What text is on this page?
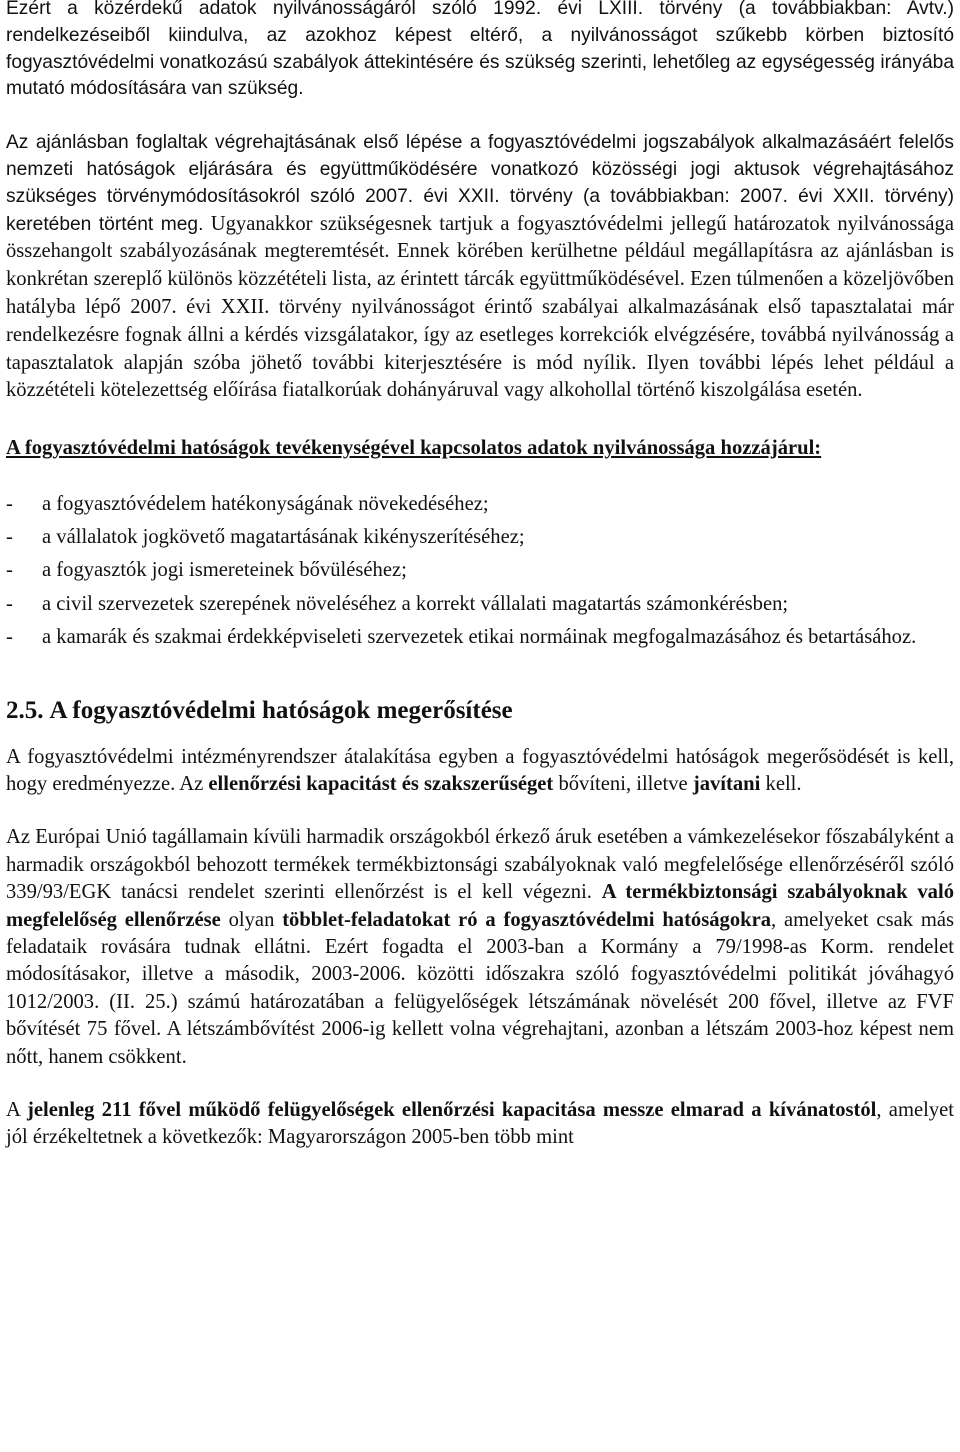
Ezért a közérdekű adatok nyilvánosságáról szóló 1992. évi LXIII. törvény (a továbbiakban: Avtv.) rendelkezéseiből kiindulva, az azokhoz képest eltérő, a nyilvánosságot szűkebb körben biztosító fogyasztóvédelmi vonatkozású szabályok áttekintésére és szükség szerinti, lehetőleg az egységesség irányába mutató módosítására van szükség.

Az ajánlásban foglaltak végrehajtásának első lépése a fogyasztóvédelmi jogszabályok alkalmazásáért felelős nemzeti hatóságok eljárására és együttműködésére vonatkozó közösségi jogi aktusok végrehajtásához szükséges törvénymódosításokról szóló 2007. évi XXII. törvény (a továbbiakban: 2007. évi XXII. törvény) keretében történt meg. Ugyanakkor szükségesnek tartjuk a fogyasztóvédelmi jellegű határozatok nyilvánossága összehangolt szabályozásának megteremtését. Ennek körében kerülhetne például megállapításra az ajánlásban is konkrétan szereplő különös közzétételi lista, az érintett tárcák együttműködésével. Ezen túlmenően a közeljövőben hatályba lépő 2007. évi XXII. törvény nyilvánosságot érintő szabályai alkalmazásának első tapasztalatai már rendelkezésre fognak állni a kérdés vizsgálatakor, így az esetleges korrekciók elvégzésére, továbbá nyilvánosság a tapasztalatok alapján szóba jöhető további kiterjesztésére is mód nyílik. Ilyen további lépés lehet például a közzétételi kötelezettség előírása fiatalkorúak dohányáruval vagy alkohollal történő kiszolgálása esetén.

A fogyasztóvédelmi hatóságok tevékenységével kapcsolatos adatok nyilvánossága hozzájárul:

- a fogyasztóvédelem hatékonyságának növekedéséhez;
- a vállalatok jogkövető magatartásának kikényszerítéséhez;
- a fogyasztók jogi ismereteinek bővüléséhez;
- a civil szervezetek szerepének növeléséhez a korrekt vállalati magatartás számonkérésben;
- a kamarák és szakmai érdekképviseleti szervezetek etikai normáinak megfogalmazásához és betartásához.
2.5. A fogyasztóvédelmi hatóságok megerősítése

A fogyasztóvédelmi intézményrendszer átalakítása egyben a fogyasztóvédelmi hatóságok megerősödését is kell, hogy eredményezze. Az ellenőrzési kapacitást és szakszerűséget bővíteni, illetve javítani kell.

Az Európai Unió tagállamain kívüli harmadik országokból érkező áruk esetében a vámkezelésekor főszabályként a harmadik országokból behozott termékek termékbiztonsági szabályoknak való megfelelősége ellenőrzéséről szóló 339/93/EGK tanácsi rendelet szerinti ellenőrzést is el kell végezni. A termékbiztonsági szabályoknak való megfelelőség ellenőrzése olyan többlet-feladatokat ró a fogyasztóvédelmi hatóságokra, amelyeket csak más feladataik rovására tudnak ellátni. Ezért fogadta el 2003-ban a Kormány a 79/1998-as Korm. rendelet módosításakor, illetve a második, 2003-2006. közötti időszakra szóló fogyasztóvédelmi politikát jóváhagyó 1012/2003. (II. 25.) számú határozatában a felügyelőségek létszámának növelését 200 fővel, illetve az FVF bővítését 75 fővel. A létszámbővítést 2006-ig kellett volna végrehajtani, azonban a létszám 2003-hoz képest nem nőtt, hanem csökkent.

A jelenleg 211 fővel működő felügyelőségek ellenőrzési kapacitása messze elmarad a kívánatostól, amelyet jól érzékeltetnek a következők: Magyarországon 2005-ben több mint
